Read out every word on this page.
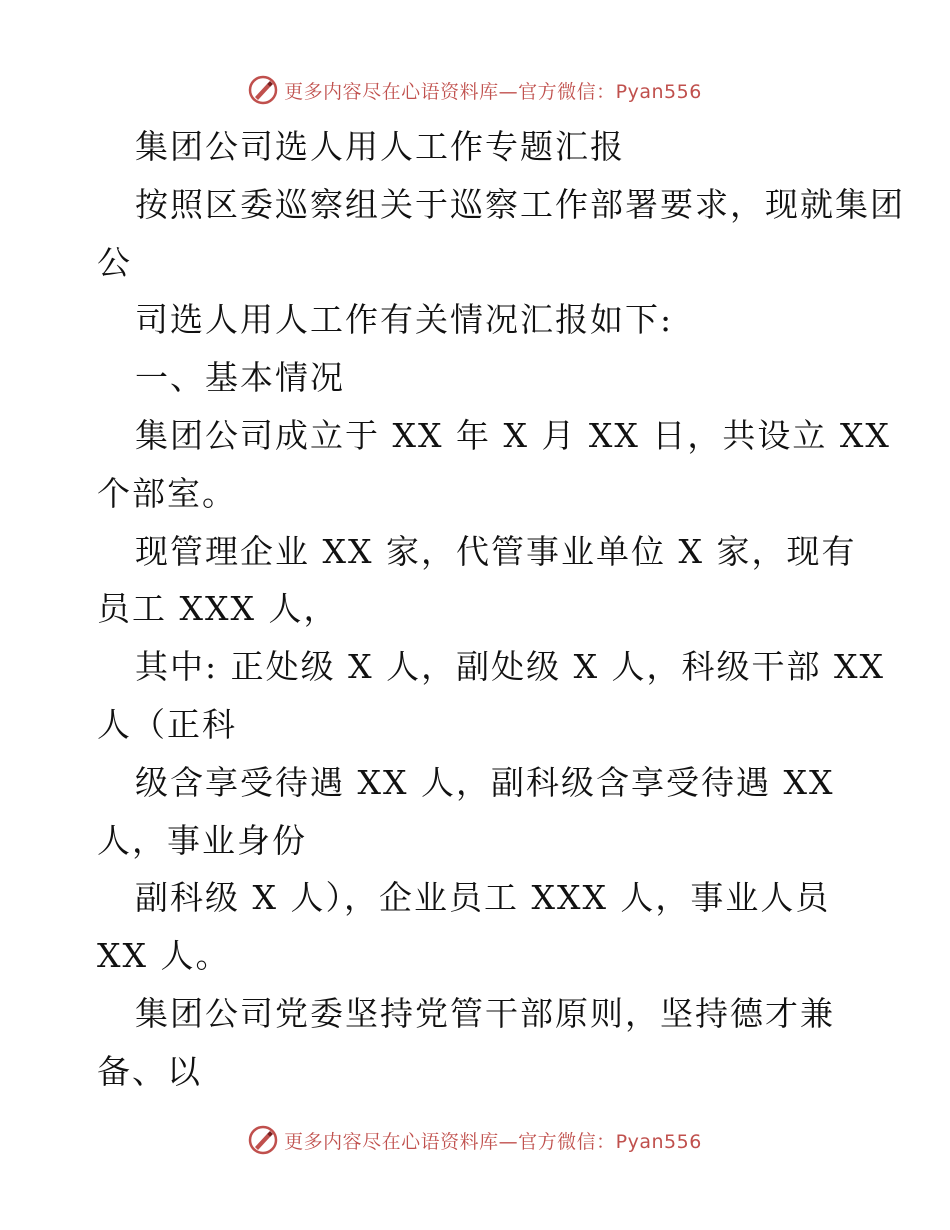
更多内容尽在心语资料库—官方微信：Pyan556
集团公司选人用人工作专题汇报
按照区委巡察组关于巡察工作部署要求，现就集团
公
司选人用人工作有关情况汇报如下:
一、基本情况
集团公司成立于 XX 年 X 月 XX 日，共设立 XX
个部室。
现管理企业 XX 家，代管事业单位 X 家，现有
员工 XXX 人，
其中: 正处级 X 人，副处级 X 人，科级干部 XX
人（正科
级含享受待遇 XX 人，副科级含享受待遇 XX
人，事业身份
副科级 X 人），企业员工 XXX 人，事业人员
XX 人。
集团公司党委坚持党管干部原则，坚持德才兼
备、以
更多内容尽在心语资料库—官方微信：Pyan556
